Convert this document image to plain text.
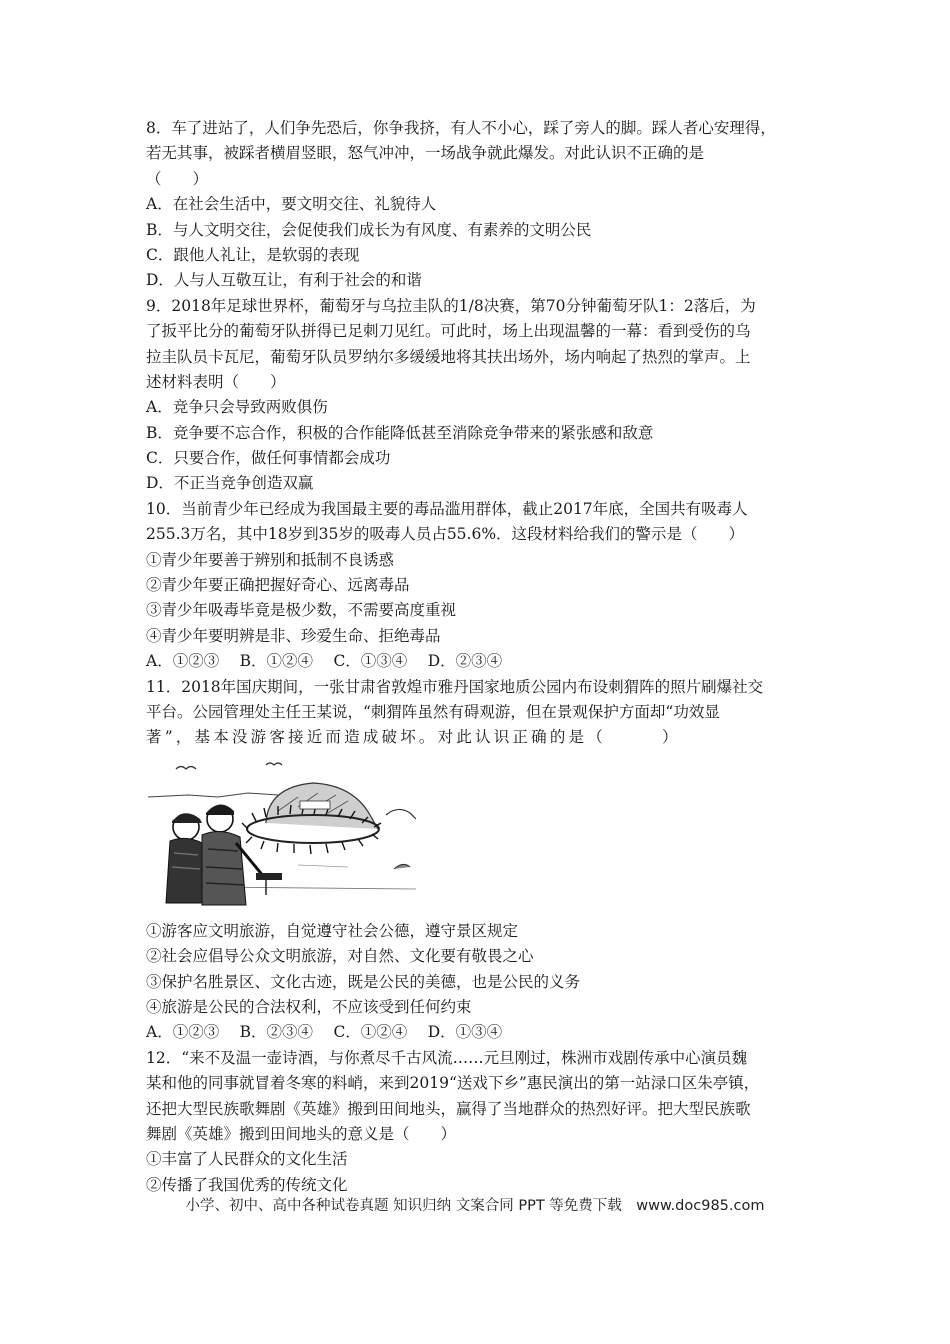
8．车了进站了，人们争先恐后，你争我挤，有人不小心，踩了旁人的脚。踩人者心安理得，
若无其事，被踩者横眉竖眼，怒气冲冲，一场战争就此爆发。对此认识不正确的是
（　　）
A．在社会生活中，要文明交往、礼貌待人
B．与人文明交往，会促使我们成长为有风度、有素养的文明公民
C．跟他人礼让，是软弱的表现
D．人与人互敬互让，有利于社会的和谐
9．2018年足球世界杯，葡萄牙与乌拉圭队的1/8决赛，第70分钟葡萄牙队1：2落后，为
了扳平比分的葡萄牙队拼得已足刺刀见红。可此时，场上出现温馨的一幕：看到受伤的乌
拉圭队员卡瓦尼，葡萄牙队员罗纳尔多缓缓地将其扶出场外，场内响起了热烈的掌声。上
述材料表明（　　）
A．竞争只会导致两败俱伤
B．竞争要不忘合作，积极的合作能降低甚至消除竞争带来的紧张感和敌意
C．只要合作，做任何事情都会成功
D．不正当竞争创造双赢
10．当前青少年已经成为我国最主要的毒品滥用群体，截止2017年底，全国共有吸毒人
255.3万名，其中18岁到35岁的吸毒人员占55.6%．这段材料给我们的警示是（　　）
①青少年要善于辨别和抵制不良诱惑
②青少年要正确把握好奇心、远离毒品
③青少年吸毒毕竟是极少数，不需要高度重视
④青少年要明辨是非、珍爱生命、拒绝毒品
A．①②③　 B．①②④　 C．①③④　 D．②③④
11．2018年国庆期间，一张甘肃省敦煌市雅丹国家地质公园内布设刺猬阵的照片刷爆社交
平台。公园管理处主任王某说，“刺猬阵虽然有碍观游，但在景观保护方面却“功效显
著”，基本没游客接近而造成破坏。对此认识正确的是（　　　）
①游客应文明旅游，自觉遵守社会公德，遵守景区规定
②社会应倡导公众文明旅游，对自然、文化要有敬畏之心
③保护名胜景区、文化古迹，既是公民的美德，也是公民的义务
④旅游是公民的合法权利，不应该受到任何约束
A．①②③　 B．②③④　 C．①②④　 D．①③④
12．“来不及温一壶诗酒，与你煮尽千古风流……元旦刚过，株洲市戏剧传承中心演员魏
某和他的同事就冒着冬寒的料峭，来到2019“送戏下乡”惠民演出的第一站渌口区朱亭镇，
还把大型民族歌舞剧《英雄》搬到田间地头，赢得了当地群众的热烈好评。把大型民族歌
舞剧《英雄》搬到田间地头的意义是（　　）
①丰富了人民群众的文化生活
②传播了我国优秀的传统文化
小学、初中、高中各种试卷真题 知识归纳 文案合同 PPT 等免费下载　www.doc985.com
